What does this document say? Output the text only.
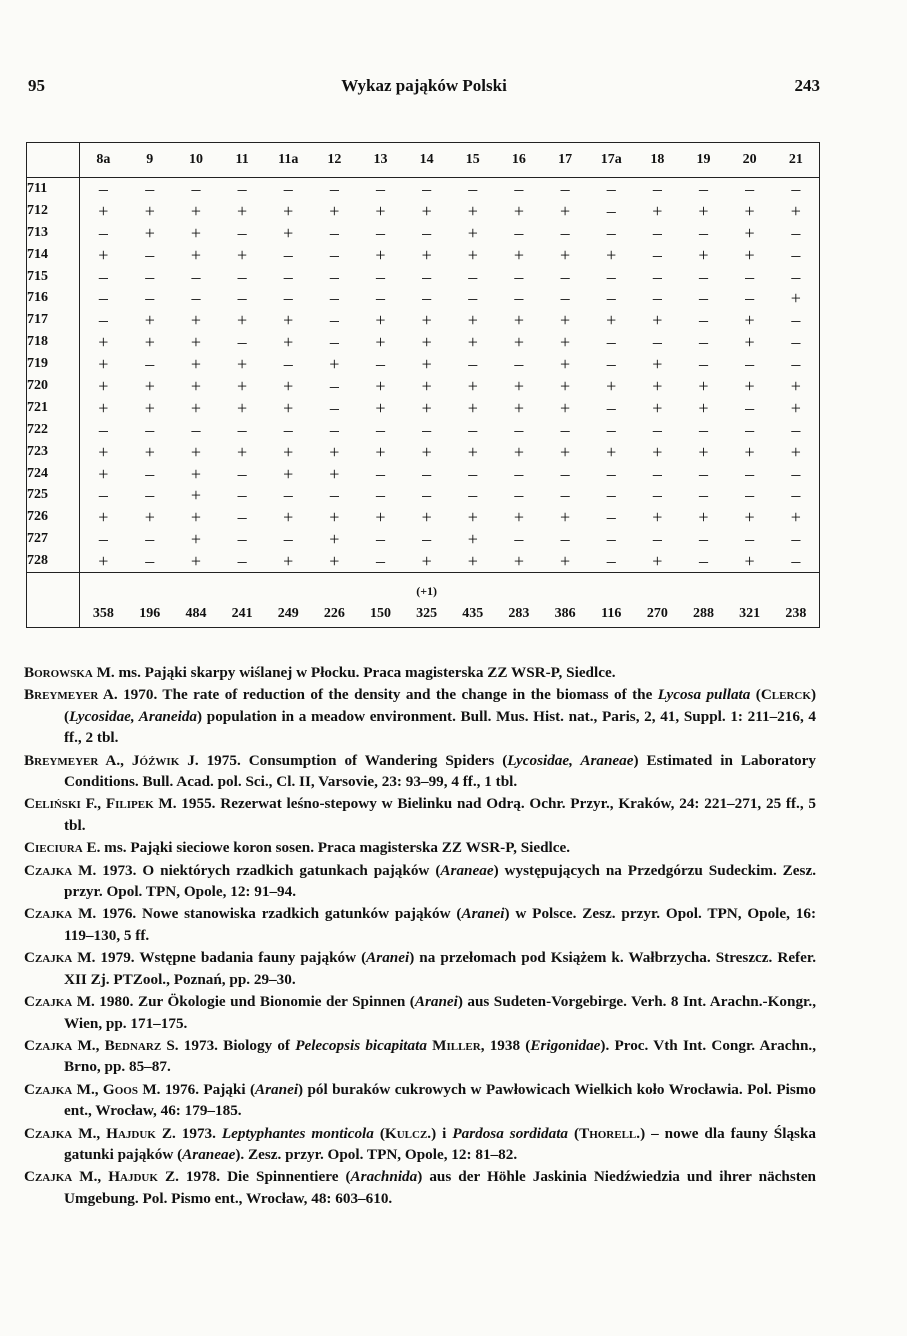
95	Wykaz pająków Polski	243
	8a	9	10	11	11a	12	13	14	15	16	17	17a	18	19	20	21
711	–	–	–	–	–	–	–	–	–	–	–	–	–	–	–	–
712	+	+	+	+	+	+	+	+	+	+	+	–	+	+	+	+
713	–	+	+	–	+	–	–	–	+	–	–	–	–	–	+	–
714	+	–	+	+	–	–	+	+	+	+	+	+	–	+	+	–
715	–	–	–	–	–	–	–	–	–	–	–	–	–	–	–	–
716	–	–	–	–	–	–	–	–	–	–	–	–	–	–	–	+
717	–	+	+	+	+	–	+	+	+	+	+	+	+	–	+	–
718	+	+	+	–	+	–	+	+	+	+	+	–	–	–	+	–
719	+	–	+	+	–	+	–	+	–	–	+	–	+	–	–	–
720	+	+	+	+	+	–	+	+	+	+	+	+	+	+	+	+
721	+	+	+	+	+	–	+	+	+	+	+	–	+	+	–	+
722	–	–	–	–	–	–	–	–	–	–	–	–	–	–	–	–
723	+	+	+	+	+	+	+	+	+	+	+	+	+	+	+	+
724	+	–	+	–	+	+	–	–	–	–	–	–	–	–	–	–
725	–	–	+	–	–	–	–	–	–	–	–	–	–	–	–	–
726	+	+	+	–	+	+	+	+	+	+	+	–	+	+	+	+
727	–	–	+	–	–	+	–	–	+	–	–	–	–	–	–	–
728	+	–	+	–	+	+	–	+	+	+	+	–	+	–	+	–
								(+1)								
	358	196	484	241	249	226	150	325	435	283	386	116	270	288	321	238
Borowska M. ms. Pająki skarpy wiślanej w Płocku. Praca magisterska ZZ WSR-P, Siedlce.
Breymeyer A. 1970. The rate of reduction of the density and the change in the biomass of the Lycosa pullata (Clerck) (Lycosidae, Araneida) population in a meadow environment. Bull. Mus. Hist. nat., Paris, 2, 41, Suppl. 1: 211–216, 4 ff., 2 tbl.
Breymeyer A., Jóźwik J. 1975. Consumption of Wandering Spiders (Lycosidae, Araneae) Estimated in Laboratory Conditions. Bull. Acad. pol. Sci., Cl. II, Varsovie, 23: 93–99, 4 ff., 1 tbl.
Celiński F., Filipek M. 1955. Rezerwat leśno-stepowy w Bielinku nad Odrą. Ochr. Przyr., Kraków, 24: 221–271, 25 ff., 5 tbl.
Cieciura E. ms. Pająki sieciowe koron sosen. Praca magisterska ZZ WSR-P, Siedlce.
Czajka M. 1973. O niektórych rzadkich gatunkach pająków (Araneae) występujących na Przedgórzu Sudeckim. Zesz. przyr. Opol. TPN, Opole, 12: 91–94.
Czajka M. 1976. Nowe stanowiska rzadkich gatunków pająków (Aranei) w Polsce. Zesz. przyr. Opol. TPN, Opole, 16: 119–130, 5 ff.
Czajka M. 1979. Wstępne badania fauny pająków (Aranei) na przełomach pod Książem k. Wałbrzycha. Streszcz. Refer. XII Zj. PTZool., Poznań, pp. 29–30.
Czajka M. 1980. Zur Ökologie und Bionomie der Spinnen (Aranei) aus Sudeten-Vorgebirge. Verh. 8 Int. Arachn.-Kongr., Wien, pp. 171–175.
Czajka M., Bednarz S. 1973. Biology of Pelecopsis bicapitata Miller, 1938 (Erigonidae). Proc. Vth Int. Congr. Arachn., Brno, pp. 85–87.
Czajka M., Goos M. 1976. Pająki (Aranei) pól buraków cukrowych w Pawłowicach Wielkich koło Wrocławia. Pol. Pismo ent., Wrocław, 46: 179–185.
Czajka M., Hajduk Z. 1973. Leptyphantes monticola (Kulcz.) i Pardosa sordidata (Thorell.) – nowe dla fauny Śląska gatunki pająków (Araneae). Zesz. przyr. Opol. TPN, Opole, 12: 81–82.
Czajka M., Hajduk Z. 1978. Die Spinnentiere (Arachnida) aus der Höhle Jaskinia Niedźwiedzia und ihrer nächsten Umgebung. Pol. Pismo ent., Wrocław, 48: 603–610.
